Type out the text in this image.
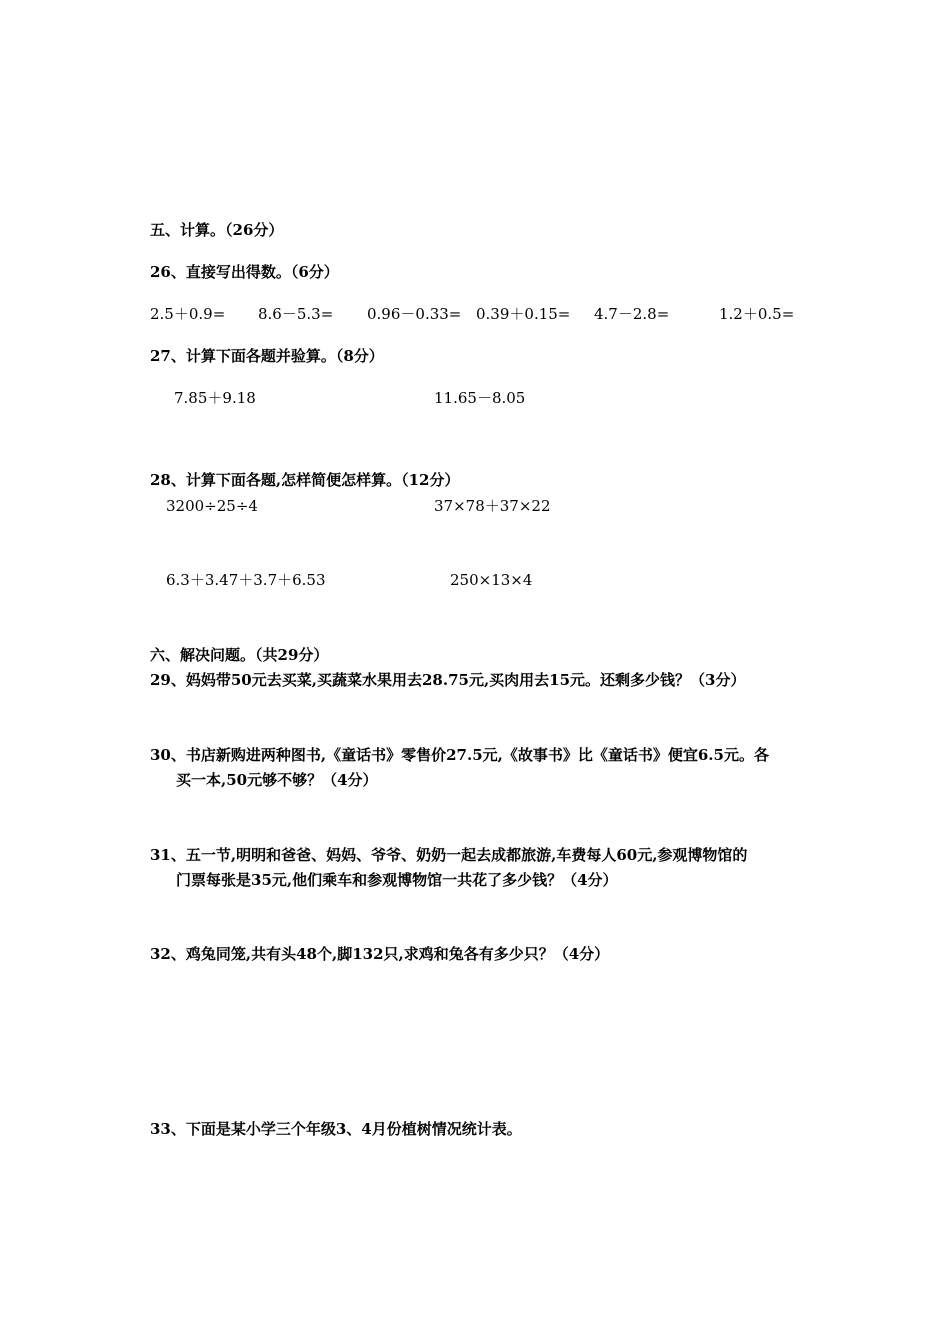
五、计算。（26分）
26、直接写出得数。（6分）
2.5＋0.9= 8.6－5.3= 0.96－0.33= 0.39＋0.15= 4.7－2.8=	1.2＋0.5=
27、计算下面各题并验算。（8分）
7.85＋9.18	11.65－8.05
28、计算下面各题,怎样简便怎样算。（12分）
3200÷25÷4	37×78＋37×22
6.3＋3.47＋3.7＋6.53	250×13×4
六、解决问题。（共29分）
29、妈妈带50元去买菜,买蔬菜水果用去28.75元,买肉用去15元。还剩多少钱？（3分）
30、书店新购进两种图书,《童话书》零售价27.5元,《故事书》比《童话书》便宜6.5元。各
买一本,50元够不够？（4分）
31、五一节,明明和爸爸、妈妈、爷爷、奶奶一起去成都旅游,车费每人60元,参观博物馆的
门票每张是35元,他们乘车和参观博物馆一共花了多少钱？（4分）
32、鸡兔同笼,共有头48个,脚132只,求鸡和兔各有多少只？（4分）
33、下面是某小学三个年级3、4月份植树情况统计表。
